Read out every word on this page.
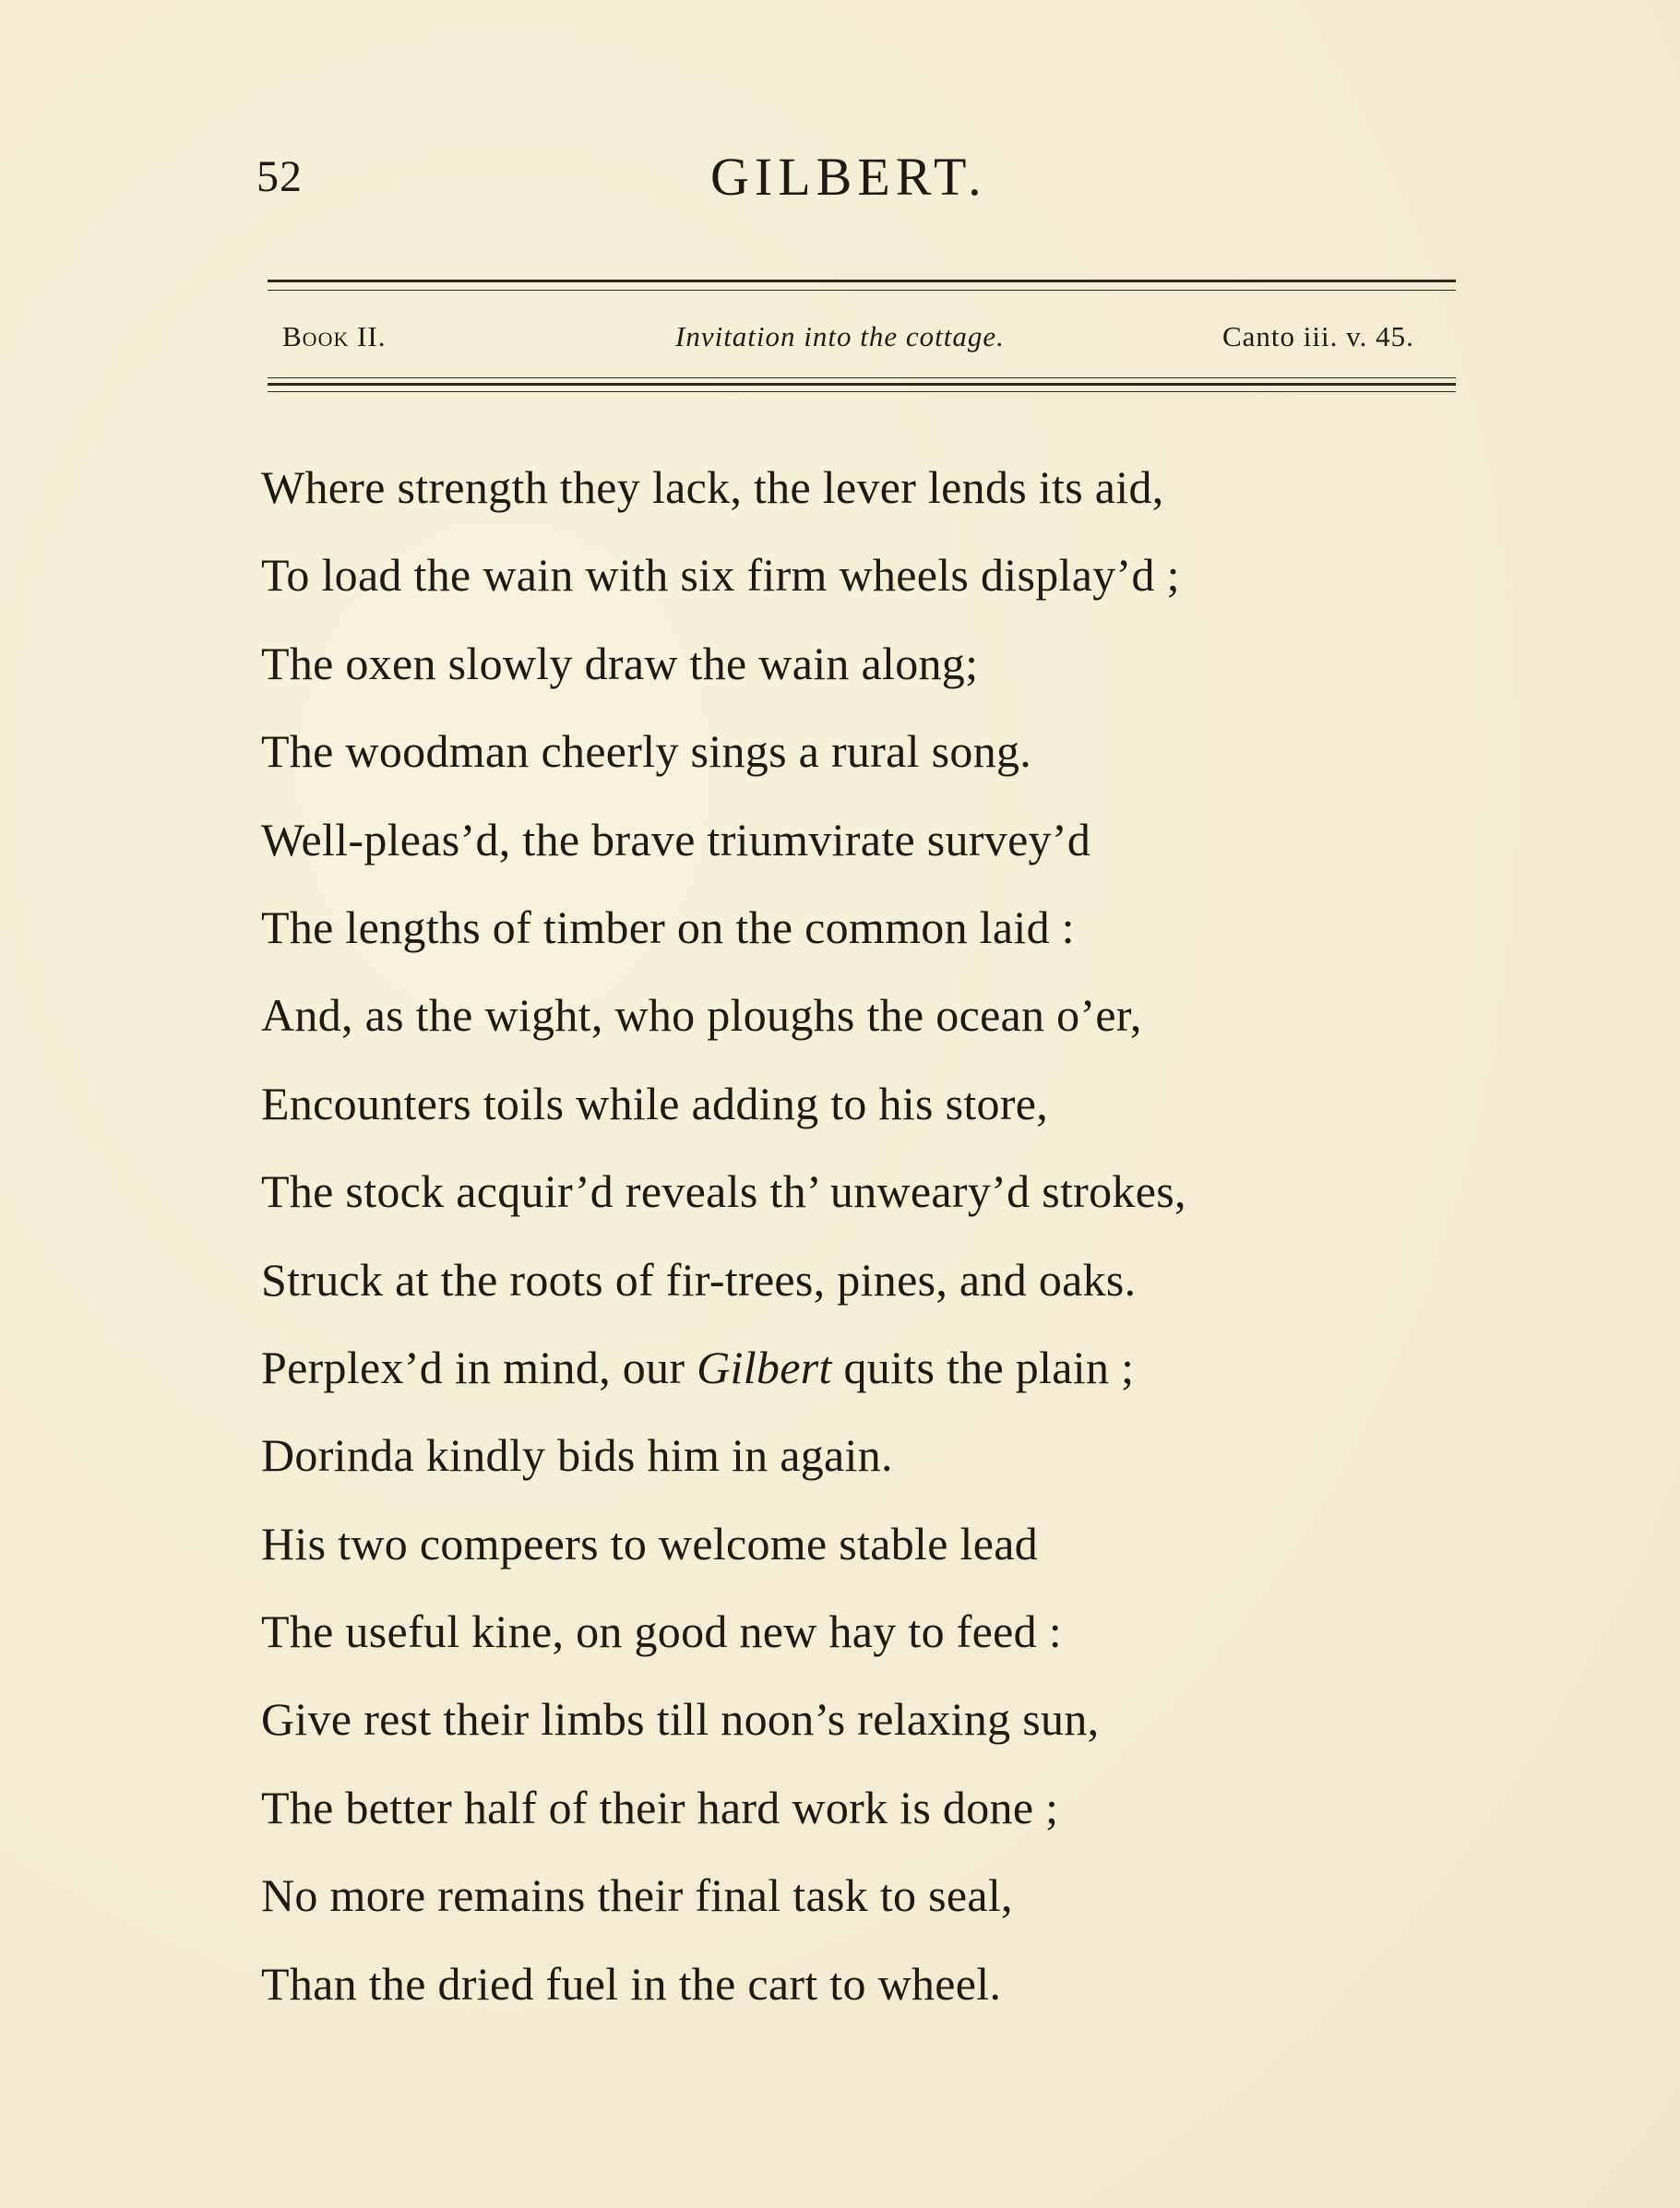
52	GILBERT.
Book II.	Invitation into the cottage.	Canto iii. v. 45.
Where strength they lack, the lever lends its aid,
To load the wain with six firm wheels display’d ;
The oxen slowly draw the wain along;
The woodman cheerly sings a rural song.
Well-pleas’d, the brave triumvirate survey’d
The lengths of timber on the common laid :
And, as the wight, who ploughs the ocean o’er,
Encounters toils while adding to his store,
The stock acquir’d reveals th’ unweary’d strokes,
Struck at the roots of fir-trees, pines, and oaks.
Perplex’d in mind, our Gilbert quits the plain ;
Dorinda kindly bids him in again.
His two compeers to welcome stable lead
The useful kine, on good new hay to feed :
Give rest their limbs till noon’s relaxing sun,
The better half of their hard work is done ;
No more remains their final task to seal,
Than the dried fuel in the cart to wheel.
